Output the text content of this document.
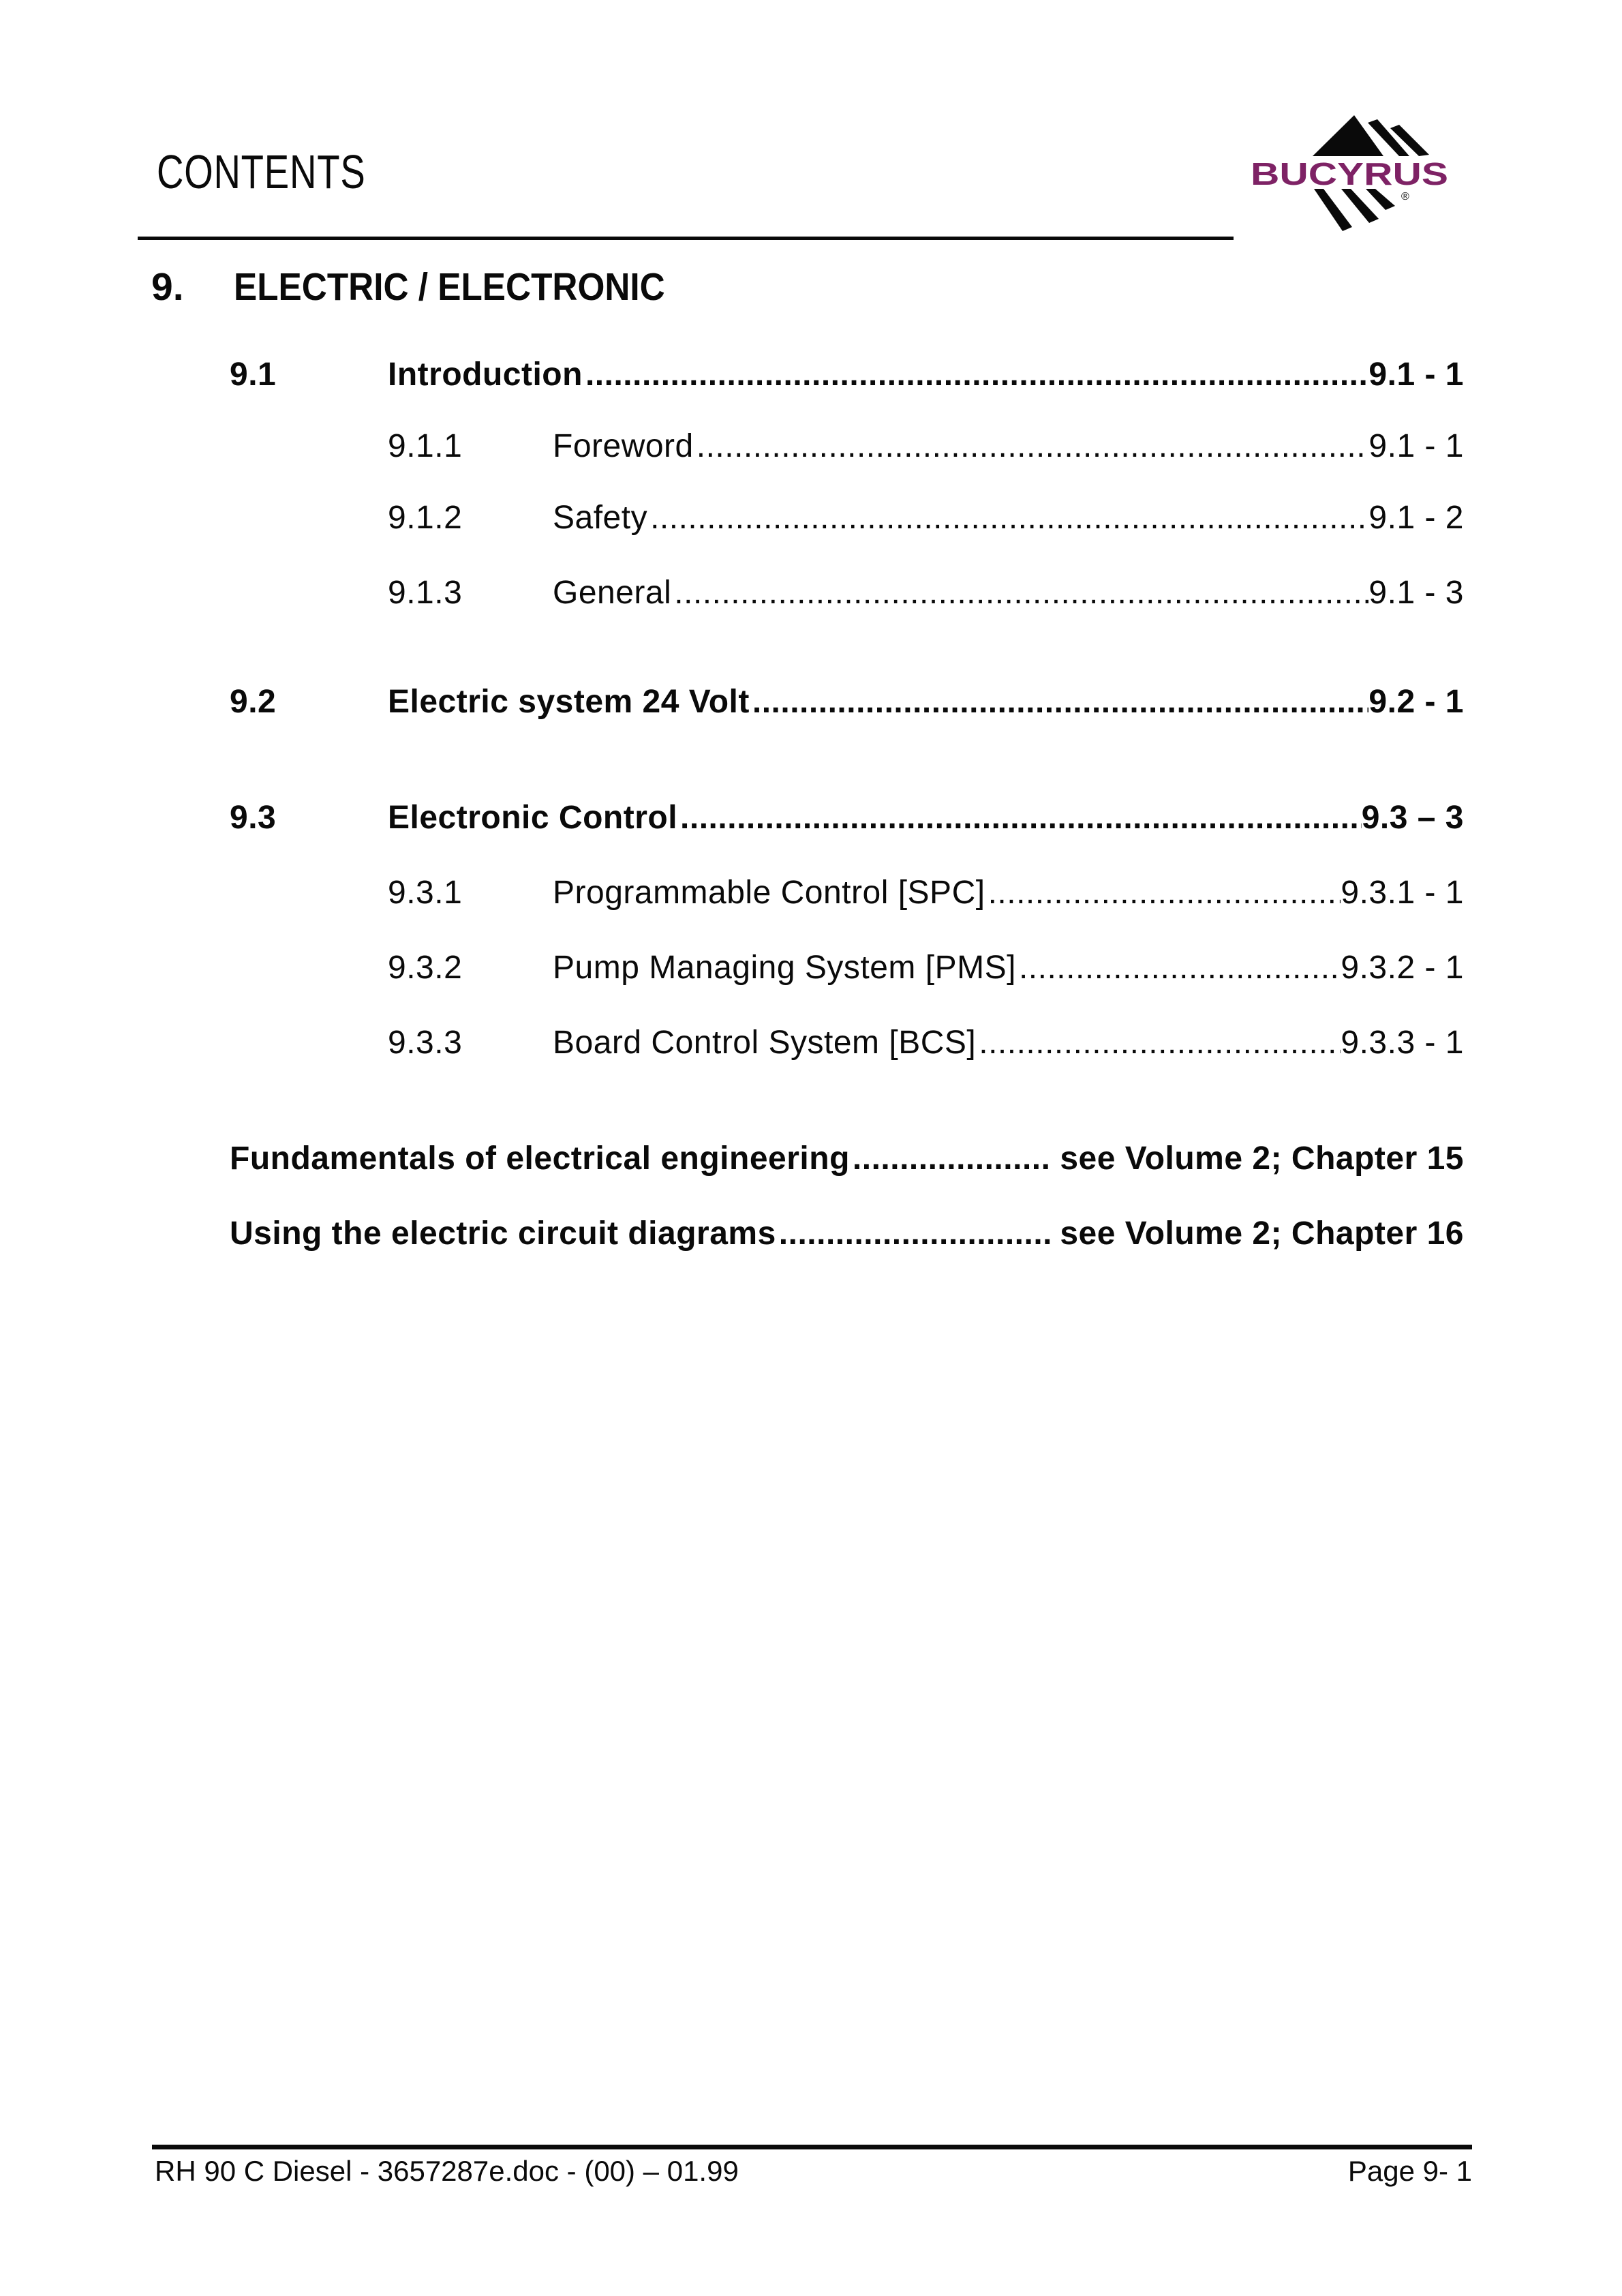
CONTENTS	BUCYRUS
®
9. ELECTRIC / ELECTRONIC
9.1	Introduction .....	9.1 - 1
9.1.1	Foreword .....	9.1 - 1
9.1.2	Safety .....	9.1 - 2
9.1.3	General .....	9.1 - 3
9.2	Electric system 24 Volt .....	9.2 - 1
9.3	Electronic Control .....	9.3 – 3
9.3.1	Programmable Control [SPC] .....	9.3.1 - 1
9.3.2	Pump Managing System [PMS] .....	9.3.2 - 1
9.3.3	Board Control System [BCS] .....	9.3.3 - 1
Fundamentals of electrical engineering .....	see Volume 2; Chapter 15
Using the electric circuit diagrams .....	see Volume 2; Chapter 16
RH 90 C Diesel - 3657287e.doc - (00) – 01.99	Page 9- 1
